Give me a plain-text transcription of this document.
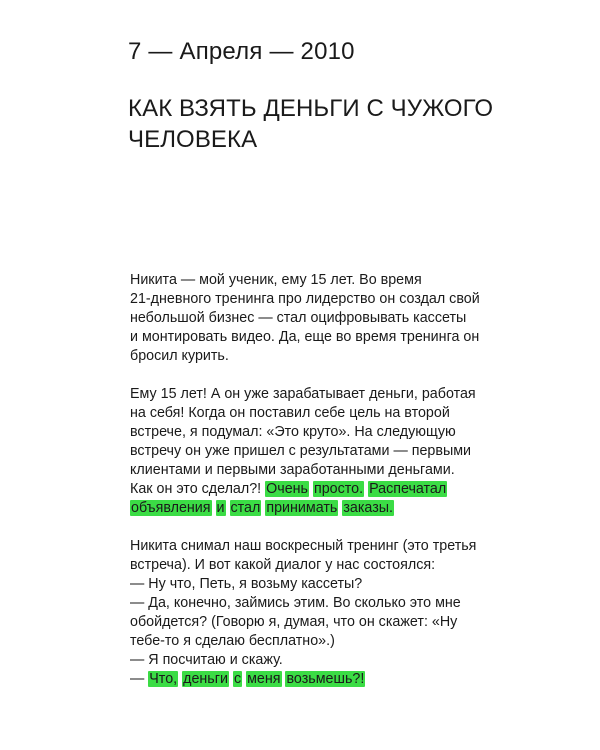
7 — Апреля — 2010
КАК ВЗЯТЬ ДЕНЬГИ С ЧУЖОГО
ЧЕЛОВЕКА
Никита — мой ученик, ему 15 лет. Во время
21-дневного тренинга про лидерство он создал свой
небольшой бизнес — стал оцифровывать кассеты
и монтировать видео. Да, еще во время тренинга он
бросил курить.
Ему 15 лет! А он уже зарабатывает деньги, работая
на себя! Когда он поставил себе цель на второй
встрече, я подумал: «Это круто». На следующую
встречу он уже пришел с результатами — первыми
клиентами и первыми заработанными деньгами.
Как он это сделал?! Очень просто. Распечатал
объявления и стал принимать заказы.
Никита снимал наш воскресный тренинг (это третья
встреча). И вот какой диалог у нас состоялся:
— Ну что, Петь, я возьму кассеты?
— Да, конечно, займись этим. Во сколько это мне
обойдется? (Говорю я, думая, что он скажет: «Ну
тебе-то я сделаю бесплатно».)
— Я посчитаю и скажу.
— Что, деньги с меня возьмешь?!
